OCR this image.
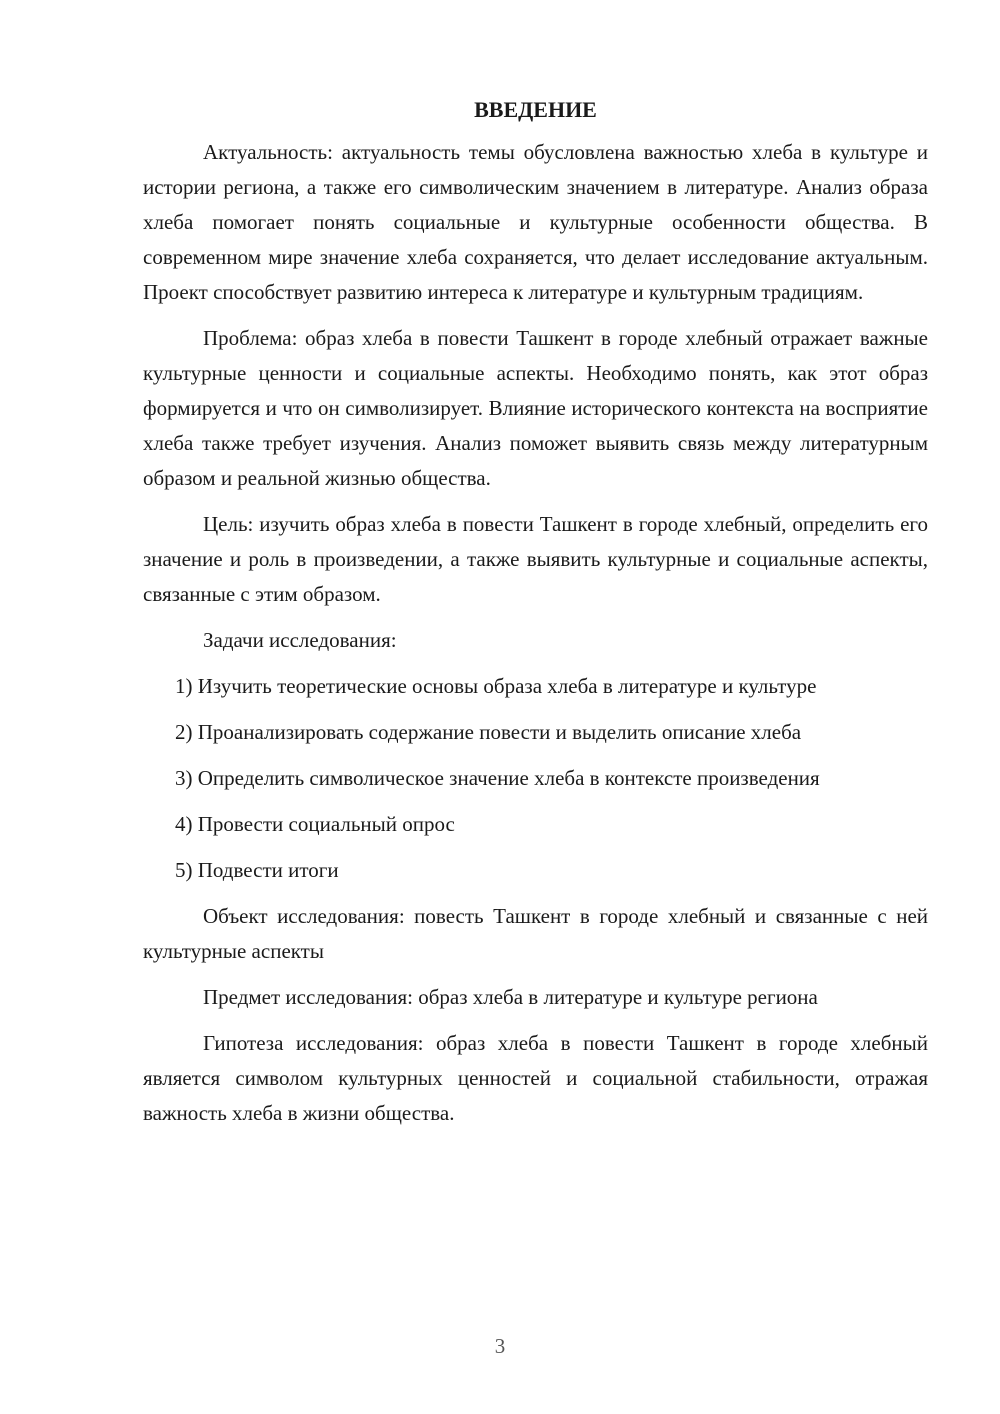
ВВЕДЕНИЕ

Актуальность: актуальность темы обусловлена важностью хлеба в культуре и истории региона, а также его символическим значением в литературе. Анализ образа хлеба помогает понять социальные и культурные особенности общества. В современном мире значение хлеба сохраняется, что делает исследование актуальным. Проект способствует развитию интереса к литературе и культурным традициям.

Проблема: образ хлеба в повести Ташкент в городе хлебный отражает важные культурные ценности и социальные аспекты. Необходимо понять, как этот образ формируется и что он символизирует. Влияние исторического контекста на восприятие хлеба также требует изучения. Анализ поможет выявить связь между литературным образом и реальной жизнью общества.

Цель: изучить образ хлеба в повести Ташкент в городе хлебный, определить его значение и роль в произведении, а также выявить культурные и социальные аспекты, связанные с этим образом.

Задачи исследования:

1) Изучить теоретические основы образа хлеба в литературе и культуре

2) Проанализировать содержание повести и выделить описание хлеба

3) Определить символическое значение хлеба в контексте произведения

4) Провести социальный опрос

5) Подвести итоги

Объект исследования: повесть Ташкент в городе хлебный и связанные с ней культурные аспекты

Предмет исследования: образ хлеба в литературе и культуре региона

Гипотеза исследования: образ хлеба в повести Ташкент в городе хлебный является символом культурных ценностей и социальной стабильности, отражая важность хлеба в жизни общества.

3
